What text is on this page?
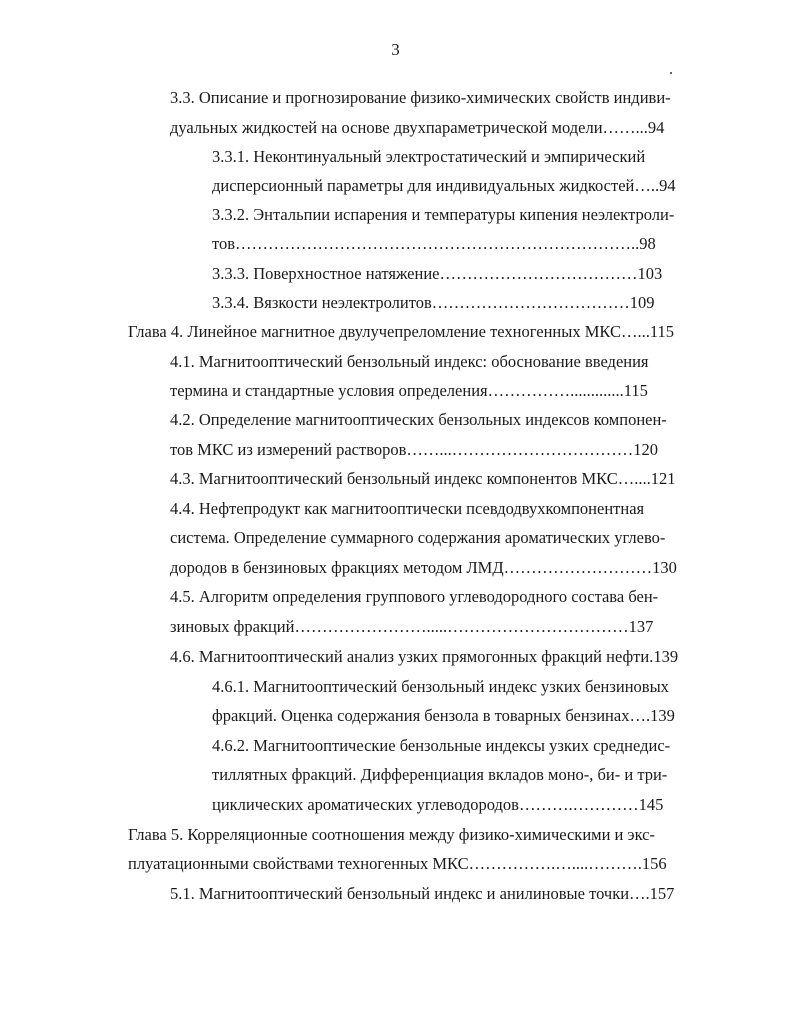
3
3.3. Описание и прогнозирование физико-химических свойств индиви-
дуальных жидкостей на основе двухпараметрической модели……...94
3.3.1. Неконтинуальный электростатический и эмпирический
дисперсионный параметры для индивидуальных жидкостей…..94
3.3.2. Энтальпии испарения и температуры кипения неэлектроли-
тов………………………………………………………………..98
3.3.3. Поверхностное натяжение………………………………103
3.3.4. Вязкости неэлектролитов………………………………109
Глава 4. Линейное магнитное двулучепреломление техногенных МКС…...115
4.1. Магнитооптический бензольный индекс: обоснование введения
термина и стандартные условия определения…………….............115
4.2. Определение магнитооптических бензольных индексов компонен-
тов МКС из измерений растворов……...……………………………120
4.3. Магнитооптический бензольный индекс компонентов МКС…....121
4.4. Нефтепродукт как магнитооптически псевдодвухкомпонентная
система. Определение суммарного содержания ароматических углево-
дородов в бензиновых фракциях методом ЛМД………………………130
4.5. Алгоритм определения группового углеводородного состава бен-
зиновых фракций…………………….....……………………………137
4.6. Магнитооптический анализ узких прямогонных фракций нефти.139
4.6.1. Магнитооптический бензольный индекс узких бензиновых
фракций. Оценка содержания бензола в товарных бензинах….139
4.6.2. Магнитооптические бензольные индексы узких среднедис-
тиллятных фракций. Дифференциация вкладов моно-, би- и три-
циклических ароматических углеводородов……….…………145
Глава 5. Корреляционные соотношения между физико-химическими и экс-
плуатационными свойствами техногенных МКС…………….…....……….156
5.1. Магнитооптический бензольный индекс и анилиновые точки….157
